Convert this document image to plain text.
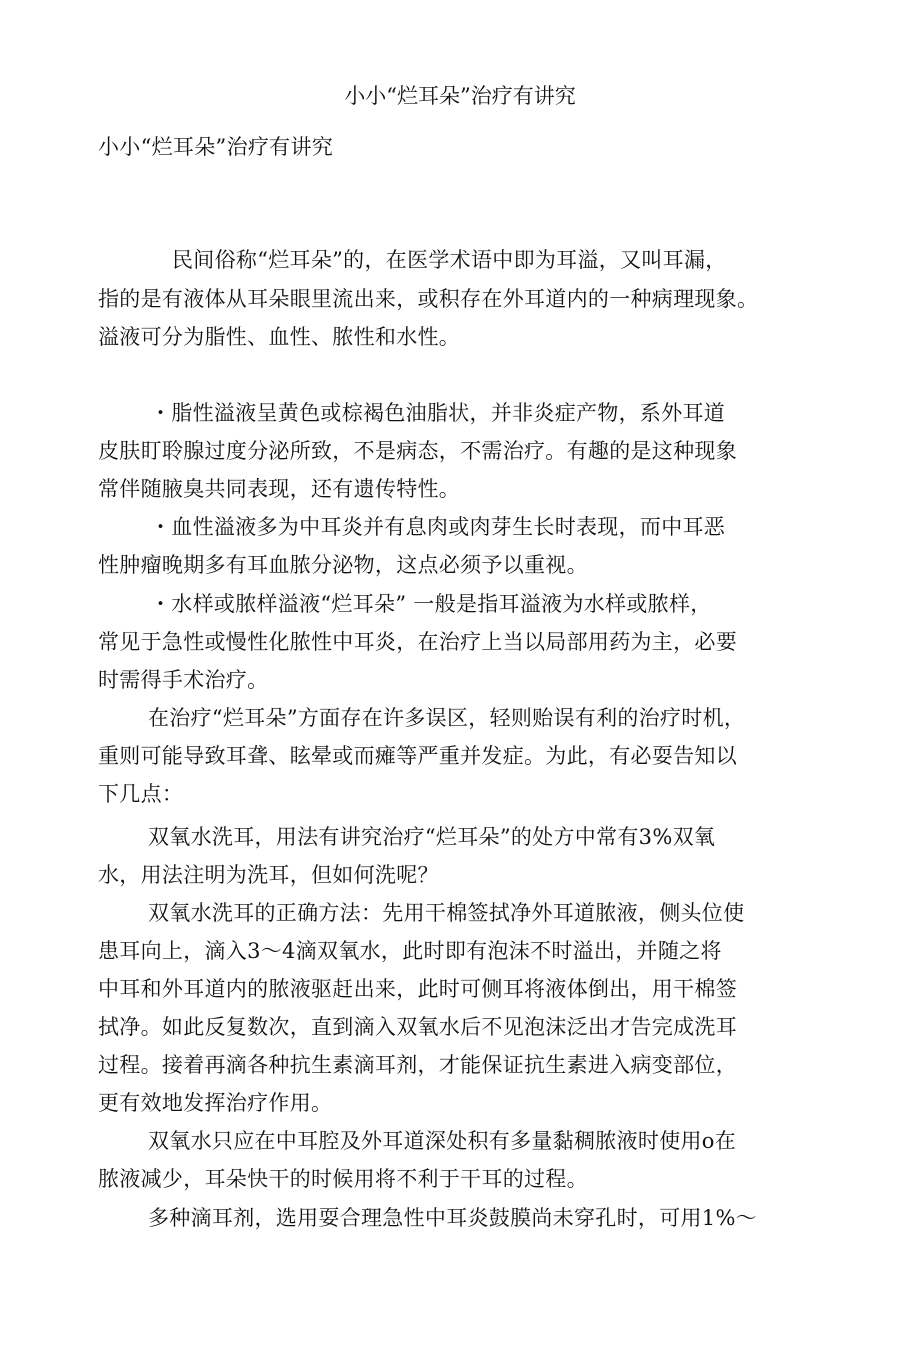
小小“烂耳朵”治疗有讲究
小小“烂耳朵”治疗有讲究
民间俗称“烂耳朵”的，在医学术语中即为耳溢，又叫耳漏，
指的是有液体从耳朵眼里流出来，或积存在外耳道内的一种病理现象。
溢液可分为脂性、血性、脓性和水性。
・脂性溢液呈黄色或棕褐色油脂状，并非炎症产物，系外耳道
皮肤盯聆腺过度分泌所致，不是病态，不需治疗。有趣的是这种现象
常伴随腋臭共同表现，还有遗传特性。
・血性溢液多为中耳炎并有息肉或肉芽生长时表现，而中耳恶
性肿瘤晚期多有耳血脓分泌物，这点必须予以重视。
・水样或脓样溢液“烂耳朵” 一般是指耳溢液为水样或脓样，
常见于急性或慢性化脓性中耳炎，在治疗上当以局部用药为主，必要
时需得手术治疗。
在治疗“烂耳朵”方面存在许多误区，轻则贻误有利的治疗时机，
重则可能导致耳聋、眩晕或而瘫等严重并发症。为此，有必耍告知以
下几点：
双氧水洗耳，用法有讲究治疗“烂耳朵”的处方中常有3%双氧
水，用法注明为洗耳，但如何洗呢？
双氧水洗耳的正确方法：先用干棉签拭净外耳道脓液，侧头位使
患耳向上，滴入3～4滴双氧水，此时即有泡沫不时溢出，并随之将
中耳和外耳道内的脓液驱赶出来，此时可侧耳将液体倒出，用干棉签
拭净。如此反复数次，直到滴入双氧水后不见泡沫泛出才告完成洗耳
过程。接着再滴各种抗生素滴耳剂，才能保证抗生素进入病变部位，
更有效地发挥治疗作用。
双氧水只应在中耳腔及外耳道深处积有多量黏稠脓液时使用o在
脓液减少，耳朵快干的时候用将不利于干耳的过程。
多种滴耳剂，选用耍合理急性中耳炎鼓膜尚未穿孔时，可用1%～
